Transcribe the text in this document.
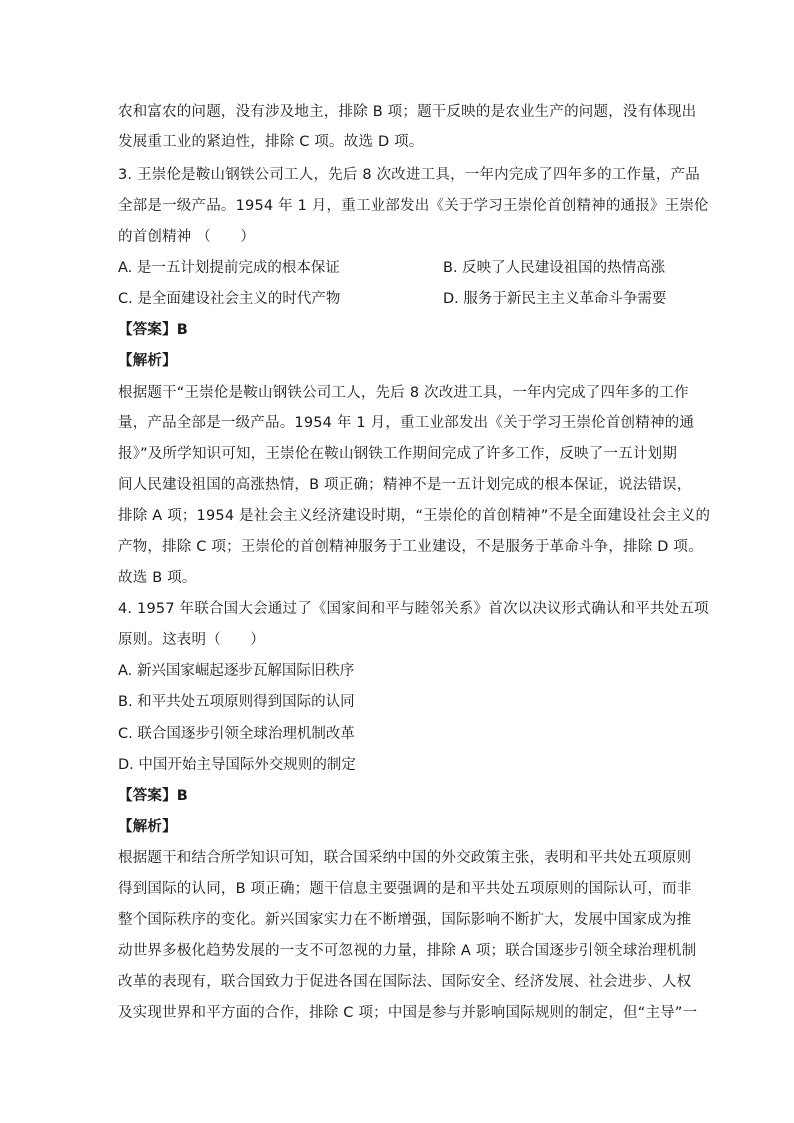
农和富农的问题，没有涉及地主，排除 B 项；题干反映的是农业生产的问题，没有体现出
发展重工业的紧迫性，排除 C 项。故选 D 项。
3. 王崇伦是鞍山钢铁公司工人，先后 8 次改进工具，一年内完成了四年多的工作量，产品
全部是一级产品。1954 年 1 月，重工业部发出《关于学习王崇伦首创精神的通报》王崇伦
的首创精神 （　　）
A. 是一五计划提前完成的根本保证	B. 反映了人民建设祖国的热情高涨
C. 是全面建设社会主义的时代产物	D. 服务于新民主主义革命斗争需要
【答案】B
【解析】
根据题干“王崇伦是鞍山钢铁公司工人，先后 8 次改进工具，一年内完成了四年多的工作
量，产品全部是一级产品。1954 年 1 月，重工业部发出《关于学习王崇伦首创精神的通
报》”及所学知识可知，王崇伦在鞍山钢铁工作期间完成了许多工作，反映了一五计划期
间人民建设祖国的高涨热情，B 项正确；精神不是一五计划完成的根本保证，说法错误，
排除 A 项；1954 是社会主义经济建设时期，“王崇伦的首创精神”不是全面建设社会主义的
产物，排除 C 项；王崇伦的首创精神服务于工业建设，不是服务于革命斗争，排除 D 项。
故选 B 项。
4. 1957 年联合国大会通过了《国家间和平与睦邻关系》首次以决议形式确认和平共处五项
原则。这表明（　　）
A. 新兴国家崛起逐步瓦解国际旧秩序
B. 和平共处五项原则得到国际的认同
C. 联合国逐步引领全球治理机制改革
D. 中国开始主导国际外交规则的制定
【答案】B
【解析】
根据题干和结合所学知识可知，联合国采纳中国的外交政策主张，表明和平共处五项原则
得到国际的认同，B 项正确；题干信息主要强调的是和平共处五项原则的国际认可，而非
整个国际秩序的变化。新兴国家实力在不断增强，国际影响不断扩大，发展中国家成为推
动世界多极化趋势发展的一支不可忽视的力量，排除 A 项；联合国逐步引领全球治理机制
改革的表现有，联合国致力于促进各国在国际法、国际安全、经济发展、社会进步、人权
及实现世界和平方面的合作，排除 C 项；中国是参与并影响国际规则的制定，但“主导”一
